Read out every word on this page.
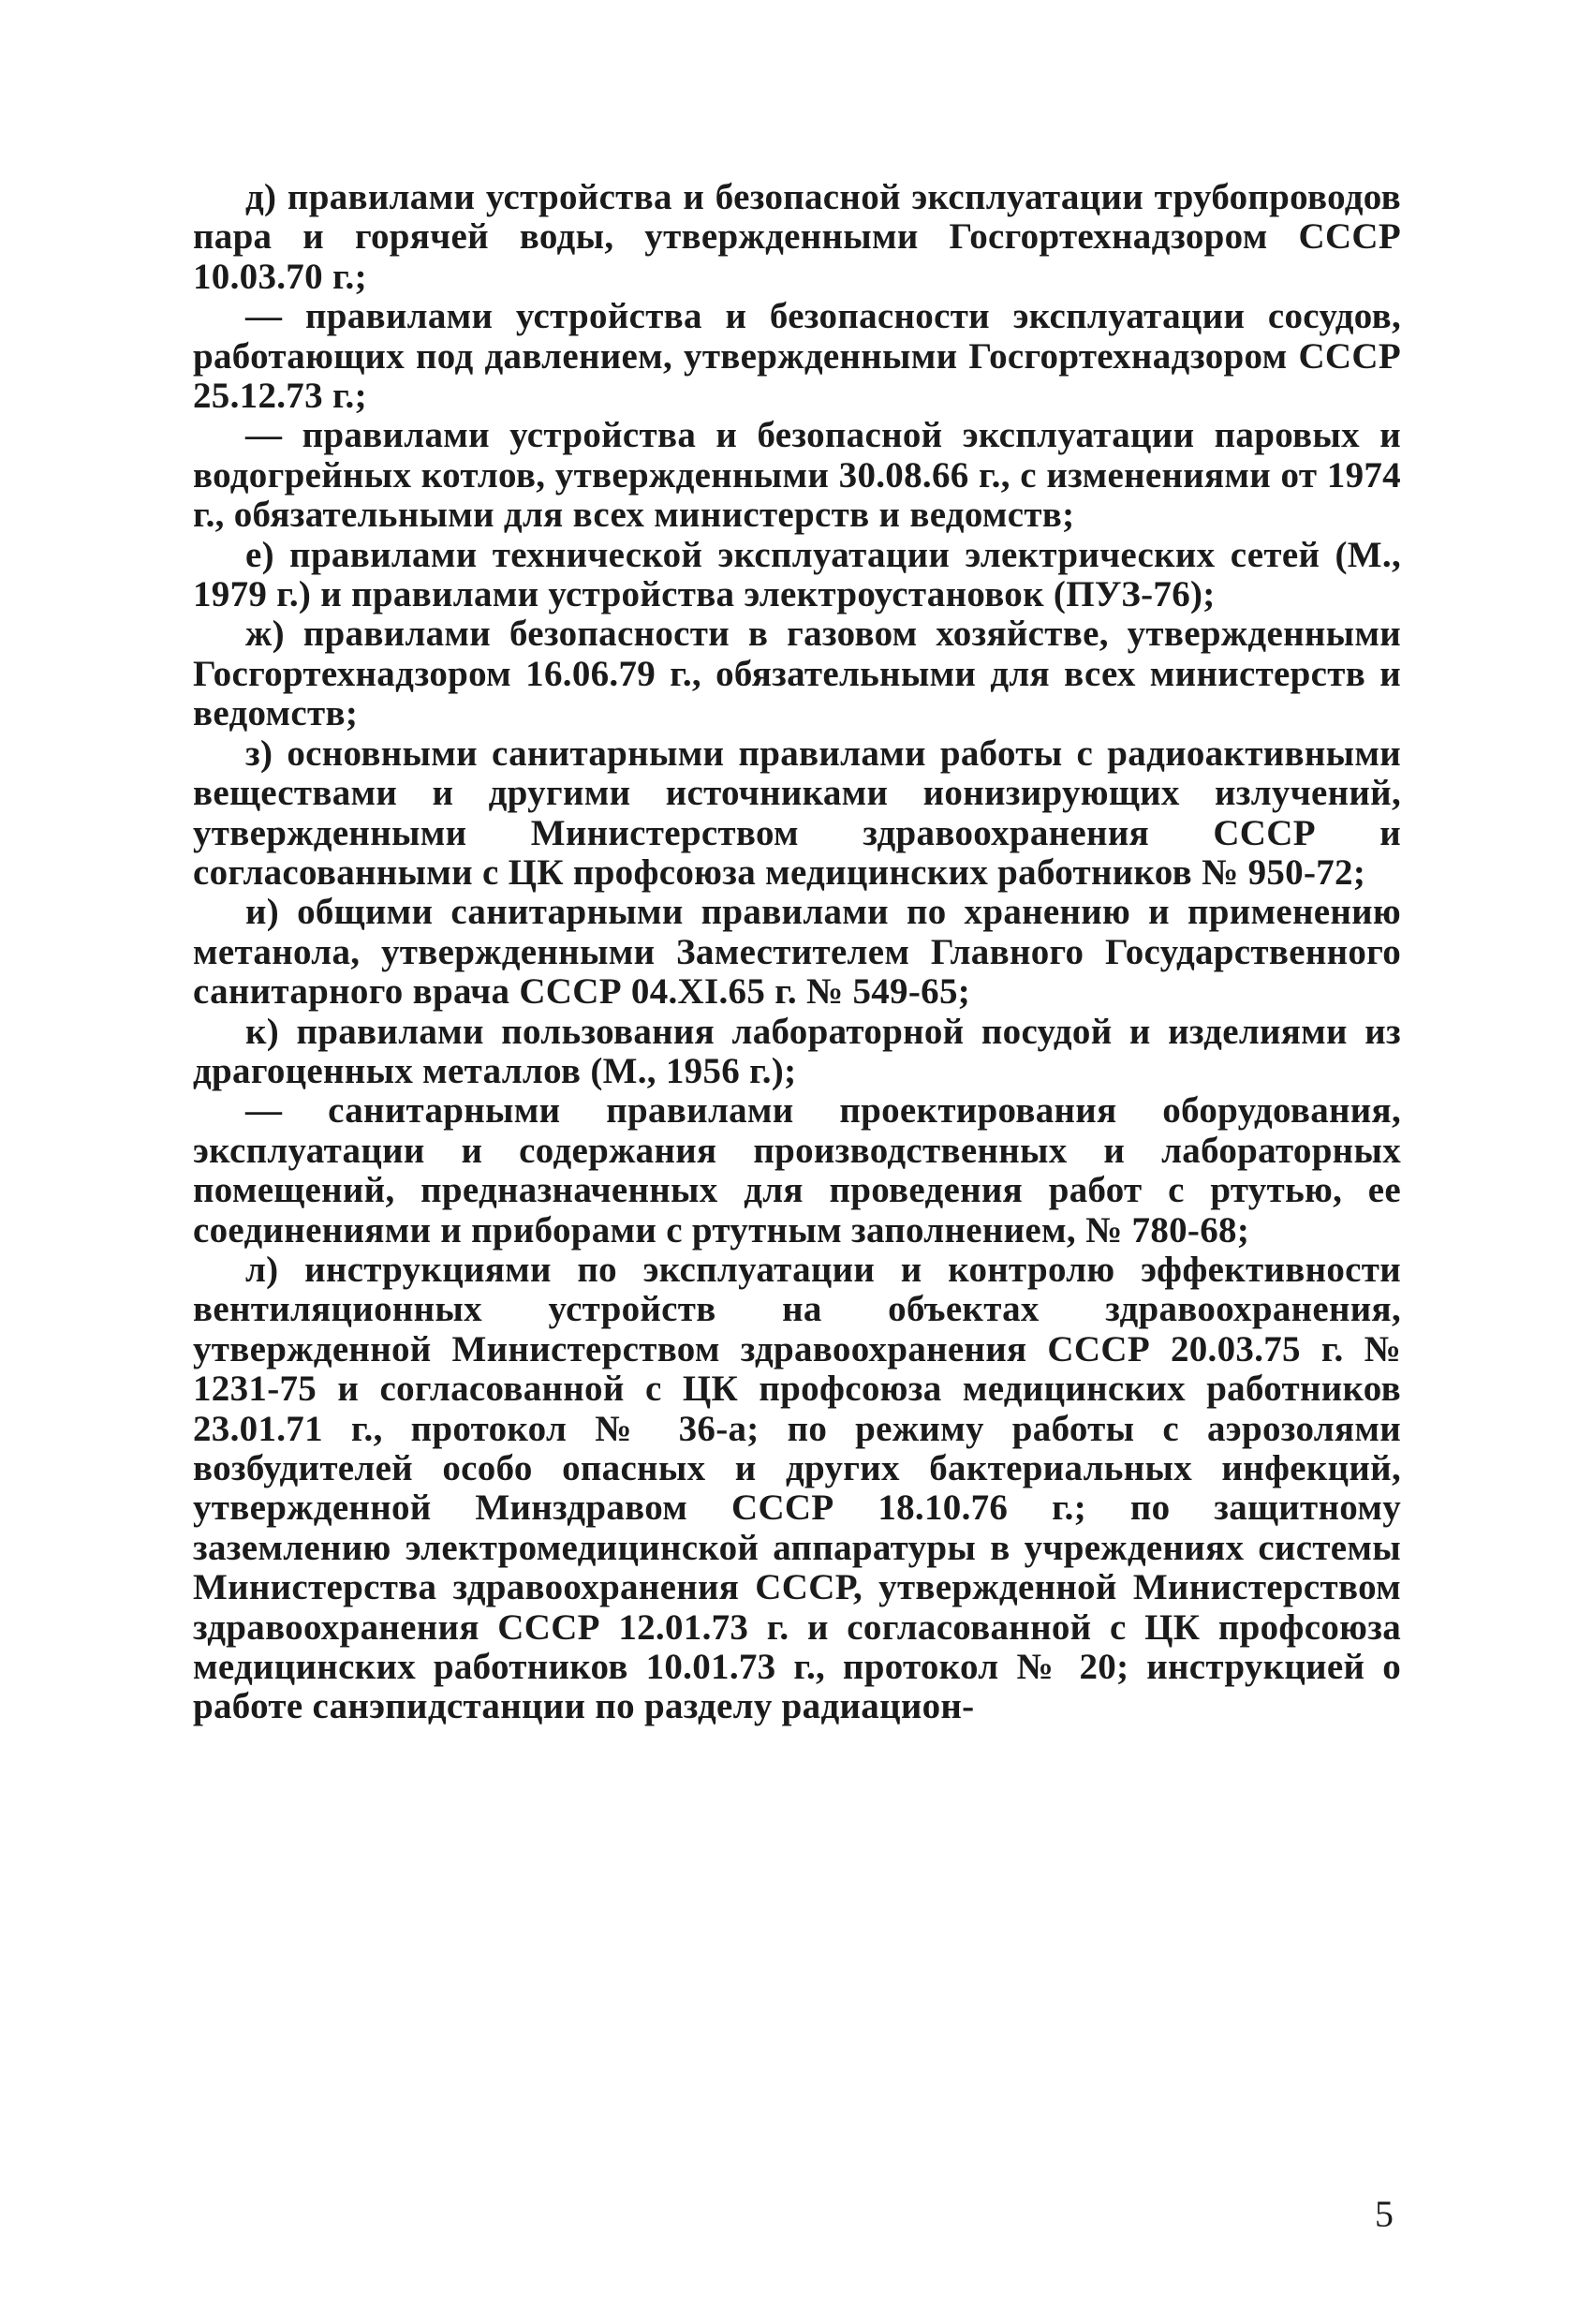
д) правилами устройства и безопасной эксплуатации трубопроводов пара и горячей воды, утвержденными Госгортехнадзором СССР 10.03.70 г.;

— правилами устройства и безопасности эксплуатации сосудов, работающих под давлением, утвержденными Госгортехнадзором СССР 25.12.73 г.;

— правилами устройства и безопасной эксплуатации паровых и водогрейных котлов, утвержденными 30.08.66 г., с изменениями от 1974 г., обязательными для всех министерств и ведомств;

е) правилами технической эксплуатации электрических сетей (М., 1979 г.) и правилами устройства электроустановок (ПУЗ-76);

ж) правилами безопасности в газовом хозяйстве, утвержденными Госгортехнадзором 16.06.79 г., обязательными для всех министерств и ведомств;

з) основными санитарными правилами работы с радиоактивными веществами и другими источниками ионизирующих излучений, утвержденными Министерством здравоохранения СССР и согласованными с ЦК профсоюза медицинских работников № 950-72;

и) общими санитарными правилами по хранению и применению метанола, утвержденными Заместителем Главного Государственного санитарного врача СССР 04.XI.65 г. № 549-65;

к) правилами пользования лабораторной посудой и изделиями из драгоценных металлов (М., 1956 г.);

— санитарными правилами проектирования оборудования, эксплуатации и содержания производственных и лабораторных помещений, предназначенных для проведения работ с ртутью, ее соединениями и приборами с ртутным заполнением, № 780-68;

л) инструкциями по эксплуатации и контролю эффективности вентиляционных устройств на объектах здравоохранения, утвержденной Министерством здравоохранения СССР 20.03.75 г. № 1231-75 и согласованной с ЦК профсоюза медицинских работников 23.01.71 г., протокол № 36-а; по режиму работы с аэрозолями возбудителей особо опасных и других бактериальных инфекций, утвержденной Минздравом СССР 18.10.76 г.; по защитному заземлению электромедицинской аппаратуры в учреждениях системы Министерства здравоохранения СССР, утвержденной Министерством здравоохранения СССР 12.01.73 г. и согласованной с ЦК профсоюза медицинских работников 10.01.73 г., протокол № 20; инструкцией о работе санэпидстанции по разделу радиацион-

5
